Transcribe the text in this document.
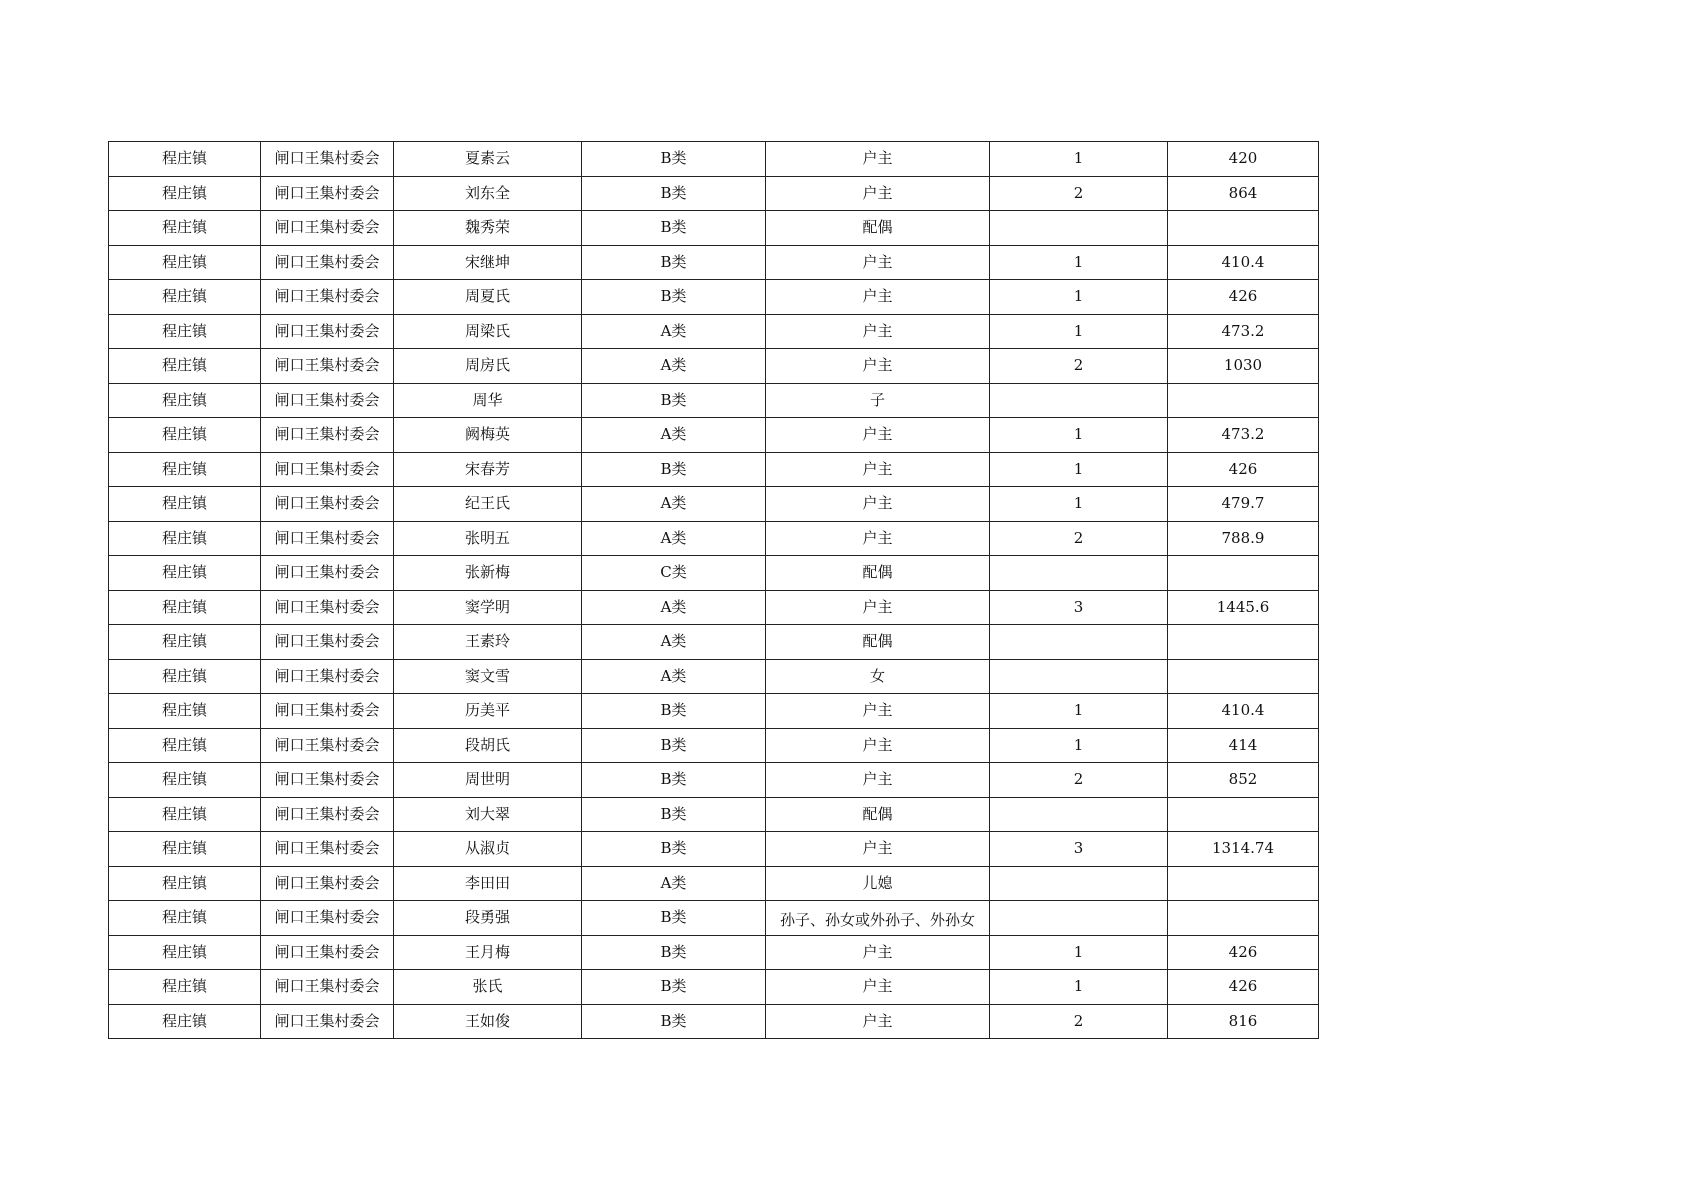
程庄镇	闸口王集村委会	夏素云	B类	户主	1	420
程庄镇	闸口王集村委会	刘东全	B类	户主	2	864
程庄镇	闸口王集村委会	魏秀荣	B类	配偶		
程庄镇	闸口王集村委会	宋继坤	B类	户主	1	410.4
程庄镇	闸口王集村委会	周夏氏	B类	户主	1	426
程庄镇	闸口王集村委会	周梁氏	A类	户主	1	473.2
程庄镇	闸口王集村委会	周房氏	A类	户主	2	1030
程庄镇	闸口王集村委会	周华	B类	子		
程庄镇	闸口王集村委会	阙梅英	A类	户主	1	473.2
程庄镇	闸口王集村委会	宋春芳	B类	户主	1	426
程庄镇	闸口王集村委会	纪王氏	A类	户主	1	479.7
程庄镇	闸口王集村委会	张明五	A类	户主	2	788.9
程庄镇	闸口王集村委会	张新梅	C类	配偶		
程庄镇	闸口王集村委会	窦学明	A类	户主	3	1445.6
程庄镇	闸口王集村委会	王素玲	A类	配偶		
程庄镇	闸口王集村委会	窦文雪	A类	女		
程庄镇	闸口王集村委会	历美平	B类	户主	1	410.4
程庄镇	闸口王集村委会	段胡氏	B类	户主	1	414
程庄镇	闸口王集村委会	周世明	B类	户主	2	852
程庄镇	闸口王集村委会	刘大翠	B类	配偶		
程庄镇	闸口王集村委会	从淑贞	B类	户主	3	1314.74
程庄镇	闸口王集村委会	李田田	A类	儿媳		
程庄镇	闸口王集村委会	段勇强	B类	孙子、孙女或外孙子、外孙女		

程庄镇	闸口王集村委会	王月梅	B类	户主	1	426
程庄镇	闸口王集村委会	张氏	B类	户主	1	426
程庄镇	闸口王集村委会	王如俊	B类	户主	2	816
